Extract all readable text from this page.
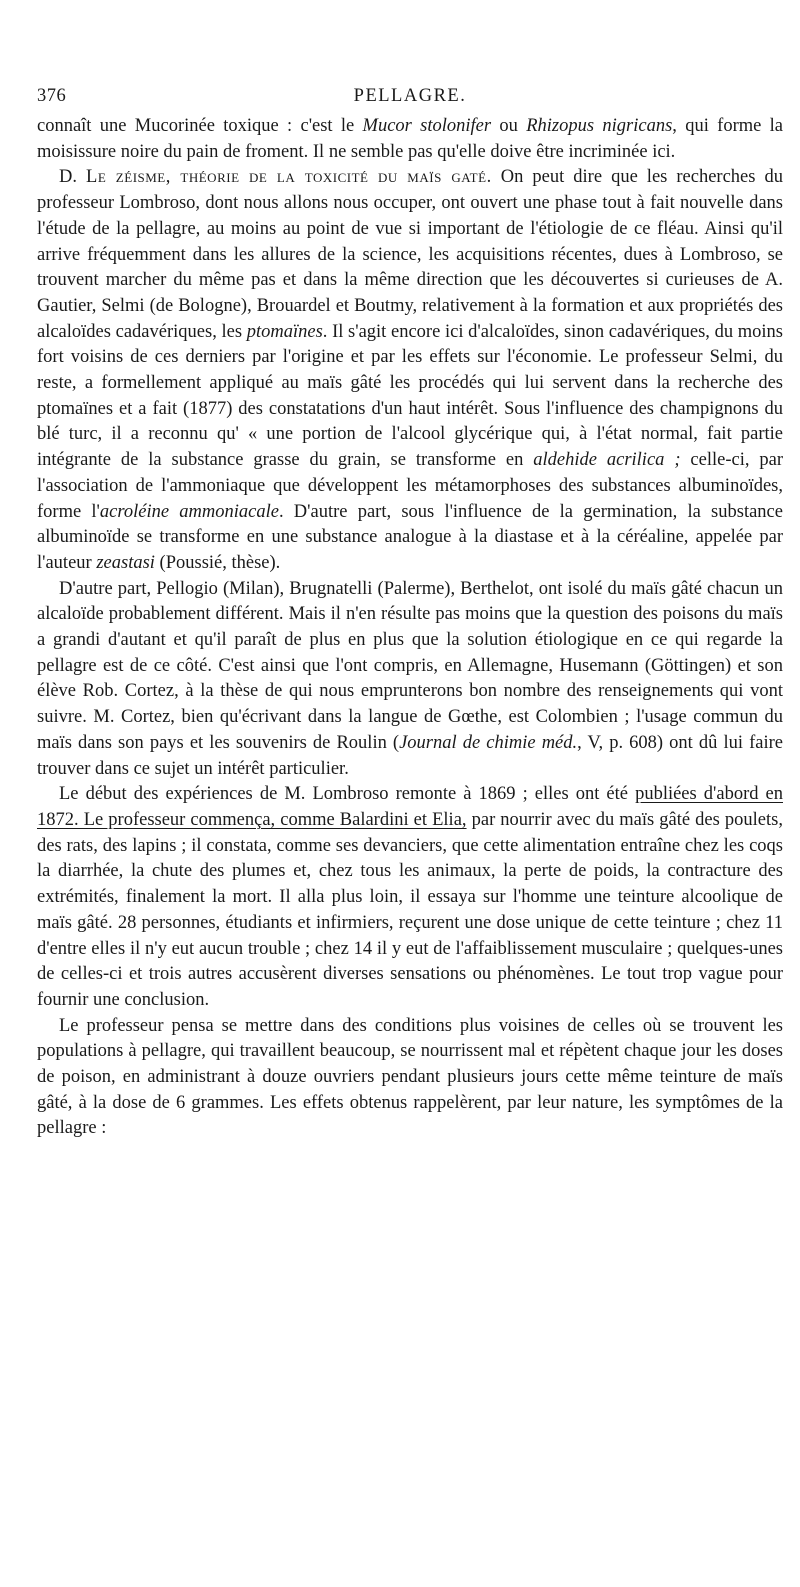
376	PELLAGRE.

connaît une Mucorinée toxique : c'est le Mucor stolonifer ou Rhizopus nigricans, qui forme la moisissure noire du pain de froment. Il ne semble pas qu'elle doive être incriminée ici.

D. Le zéisme, théorie de la toxicité du maïs gaté. On peut dire que les recherches du professeur Lombroso, dont nous allons nous occuper, ont ouvert une phase tout à fait nouvelle dans l'étude de la pellagre, au moins au point de vue si important de l'étiologie de ce fléau. Ainsi qu'il arrive fréquemment dans les allures de la science, les acquisitions récentes, dues à Lombroso, se trouvent marcher du même pas et dans la même direction que les découvertes si curieuses de A. Gautier, Selmi (de Bologne), Brouardel et Boutmy, relativement à la formation et aux propriétés des alcaloïdes cadavériques, les ptomaïnes. Il s'agit encore ici d'alcaloïdes, sinon cadavériques, du moins fort voisins de ces derniers par l'origine et par les effets sur l'économie. Le professeur Selmi, du reste, a formellement appliqué au maïs gâté les procédés qui lui servent dans la recherche des ptomaïnes et a fait (1877) des constatations d'un haut intérêt. Sous l'influence des champignons du blé turc, il a reconnu qu' « une portion de l'alcool glycérique qui, à l'état normal, fait partie intégrante de la substance grasse du grain, se transforme en aldehide acrilica ; celle-ci, par l'association de l'ammoniaque que développent les métamorphoses des substances albuminoïdes, forme l'acroléine ammoniacale. D'autre part, sous l'influence de la germination, la substance albuminoïde se transforme en une substance analogue à la diastase et à la céréaline, appelée par l'auteur zeastasi (Poussié, thèse).

D'autre part, Pellogio (Milan), Brugnatelli (Palerme), Berthelot, ont isolé du maïs gâté chacun un alcaloïde probablement différent. Mais il n'en résulte pas moins que la question des poisons du maïs a grandi d'autant et qu'il paraît de plus en plus que la solution étiologique en ce qui regarde la pellagre est de ce côté. C'est ainsi que l'ont compris, en Allemagne, Husemann (Göttingen) et son élève Rob. Cortez, à la thèse de qui nous emprunterons bon nombre des renseignements qui vont suivre. M. Cortez, bien qu'écrivant dans la langue de Gœthe, est Colombien ; l'usage commun du maïs dans son pays et les souvenirs de Roulin (Journal de chimie méd., V, p. 608) ont dû lui faire trouver dans ce sujet un intérêt particulier.

Le début des expériences de M. Lombroso remonte à 1869 ; elles ont été publiées d'abord en 1872. Le professeur commença, comme Balardini et Elia, par nourrir avec du maïs gâté des poulets, des rats, des lapins ; il constata, comme ses devanciers, que cette alimentation entraîne chez les coqs la diarrhée, la chute des plumes et, chez tous les animaux, la perte de poids, la contracture des extrémités, finalement la mort. Il alla plus loin, il essaya sur l'homme une teinture alcoolique de maïs gâté. 28 personnes, étudiants et infirmiers, reçurent une dose unique de cette teinture ; chez 11 d'entre elles il n'y eut aucun trouble ; chez 14 il y eut de l'affaiblissement musculaire ; quelques-unes de celles-ci et trois autres accusèrent diverses sensations ou phénomènes. Le tout trop vague pour fournir une conclusion.

Le professeur pensa se mettre dans des conditions plus voisines de celles où se trouvent les populations à pellagre, qui travaillent beaucoup, se nourrissent mal et répètent chaque jour les doses de poison, en administrant à douze ouvriers pendant plusieurs jours cette même teinture de maïs gâté, à la dose de 6 grammes. Les effets obtenus rappelèrent, par leur nature, les symptômes de la pellagre :
